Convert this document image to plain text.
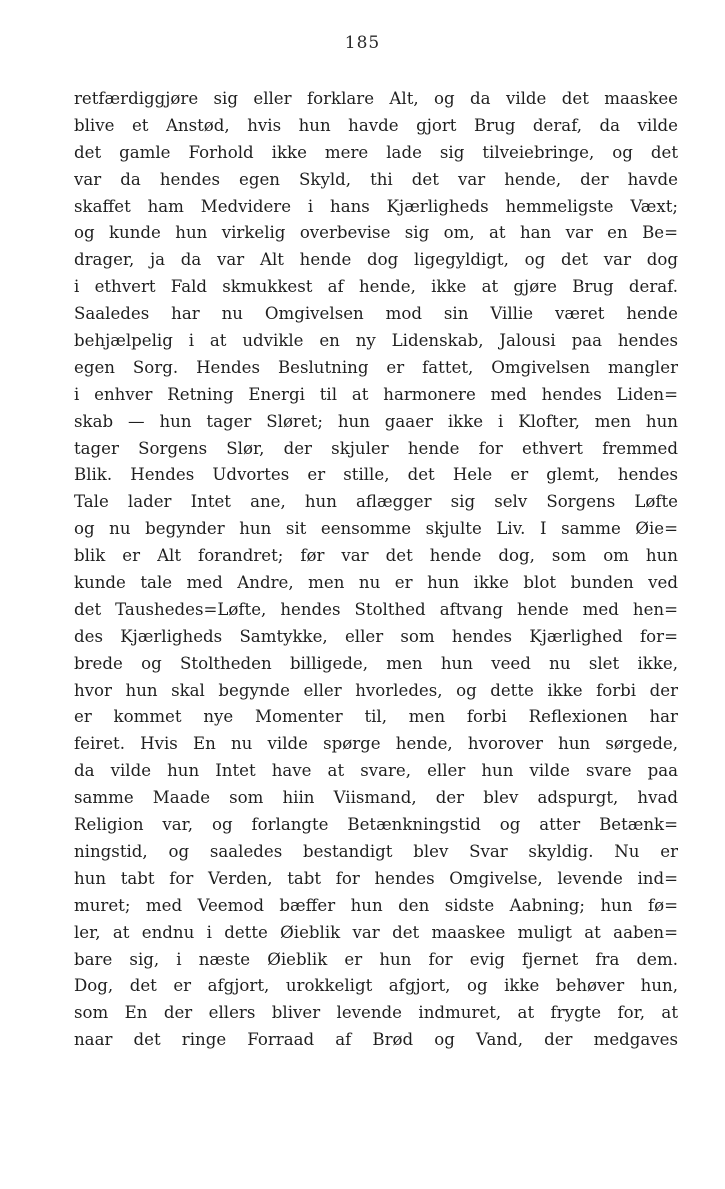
185
retfærdiggjøre sig eller forklare Alt, og da vilde det maaskee
blive et Anstød, hvis hun havde gjort Brug deraf, da vilde
det gamle Forhold ikke mere lade sig tilveiebringe, og det
var da hendes egen Skyld, thi det var hende, der havde
skaffet ham Medvidere i hans Kjærligheds hemmeligste Væxt;
og kunde hun virkelig overbevise sig om, at han var en Be=
drager, ja da var Alt hende dog ligegyldigt, og det var dog
i ethvert Fald skmukkest af hende, ikke at gjøre Brug deraf.
Saaledes har nu Omgivelsen mod sin Villie været hende
behjælpelig i at udvikle en ny Lidenskab, Jalousi paa hendes
egen Sorg. Hendes Beslutning er fattet, Omgivelsen mangler
i enhver Retning Energi til at harmonere med hendes Liden=
skab — hun tager Sløret; hun gaaer ikke i Klofter, men hun
tager Sorgens Slør, der skjuler hende for ethvert fremmed
Blik. Hendes Udvortes er stille, det Hele er glemt, hendes
Tale lader Intet ane, hun aflægger sig selv Sorgens Løfte
og nu begynder hun sit eensomme skjulte Liv. I samme Øie=
blik er Alt forandret; før var det hende dog, som om hun
kunde tale med Andre, men nu er hun ikke blot bunden ved
det Taushedes=Løfte, hendes Stolthed aftvang hende med hen=
des Kjærligheds Samtykke, eller som hendes Kjærlighed for=
brede og Stoltheden billigede, men hun veed nu slet ikke,
hvor hun skal begynde eller hvorledes, og dette ikke forbi der
er kommet nye Momenter til, men forbi Reflexionen har
feiret. Hvis En nu vilde spørge hende, hvorover hun sørgede,
da vilde hun Intet have at svare, eller hun vilde svare paa
samme Maade som hiin Viismand, der blev adspurgt, hvad
Religion var, og forlangte Betænkningstid og atter Betænk=
ningstid, og saaledes bestandigt blev Svar skyldig. Nu er
hun tabt for Verden, tabt for hendes Omgivelse, levende ind=
muret; med Veemod bæffer hun den sidste Aabning; hun fø=
ler, at endnu i dette Øieblik var det maaskee muligt at aaben=
bare sig, i næste Øieblik er hun for evig fjernet fra dem.
Dog, det er afgjort, urokkeligt afgjort, og ikke behøver hun,
som En der ellers bliver levende indmuret, at frygte for, at
naar det ringe Forraad af Brød og Vand, der medgaves
